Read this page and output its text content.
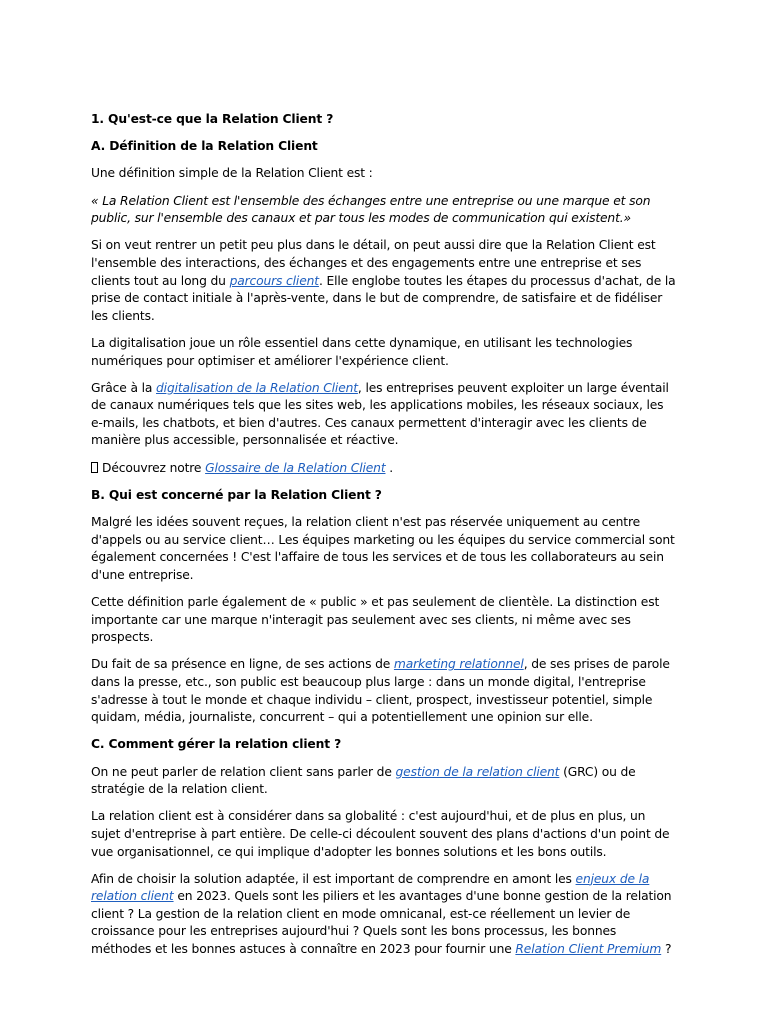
1. Qu'est-ce que la Relation Client ?

A. Définition de la Relation Client

Une définition simple de la Relation Client est :

« La Relation Client est l'ensemble des échanges entre une entreprise ou une marque et son public, sur l'ensemble des canaux et par tous les modes de communication qui existent.»

Si on veut rentrer un petit peu plus dans le détail, on peut aussi dire que la Relation Client est l'ensemble des interactions, des échanges et des engagements entre une entreprise et ses clients tout au long du parcours client. Elle englobe toutes les étapes du processus d'achat, de la prise de contact initiale à l'après-vente, dans le but de comprendre, de satisfaire et de fidéliser les clients.

La digitalisation joue un rôle essentiel dans cette dynamique, en utilisant les technologies numériques pour optimiser et améliorer l'expérience client.

Grâce à la digitalisation de la Relation Client, les entreprises peuvent exploiter un large éventail de canaux numériques tels que les sites web, les applications mobiles, les réseaux sociaux, les e-mails, les chatbots, et bien d'autres. Ces canaux permettent d'interagir avec les clients de manière plus accessible, personnalisée et réactive.

Découvrez notre Glossaire de la Relation Client .

B. Qui est concerné par la Relation Client ?

Malgré les idées souvent reçues, la relation client n'est pas réservée uniquement au centre d'appels ou au service client… Les équipes marketing ou les équipes du service commercial sont également concernées ! C'est l'affaire de tous les services et de tous les collaborateurs au sein d'une entreprise.

Cette définition parle également de « public » et pas seulement de clientèle. La distinction est importante car une marque n'interagit pas seulement avec ses clients, ni même avec ses prospects.

Du fait de sa présence en ligne, de ses actions de marketing relationnel, de ses prises de parole dans la presse, etc., son public est beaucoup plus large : dans un monde digital, l'entreprise s'adresse à tout le monde et chaque individu – client, prospect, investisseur potentiel, simple quidam, média, journaliste, concurrent – qui a potentiellement une opinion sur elle.

C. Comment gérer la relation client ?

On ne peut parler de relation client sans parler de gestion de la relation client (GRC) ou de stratégie de la relation client.

La relation client est à considérer dans sa globalité : c'est aujourd'hui, et de plus en plus, un sujet d'entreprise à part entière. De celle-ci découlent souvent des plans d'actions d'un point de vue organisationnel, ce qui implique d'adopter les bonnes solutions et les bons outils.

Afin de choisir la solution adaptée, il est important de comprendre en amont les enjeux de la relation client en 2023. Quels sont les piliers et les avantages d'une bonne gestion de la relation client ? La gestion de la relation client en mode omnicanal, est-ce réellement un levier de croissance pour les entreprises aujourd'hui ? Quels sont les bons processus, les bonnes méthodes et les bonnes astuces à connaître en 2023 pour fournir une Relation Client Premium ?
